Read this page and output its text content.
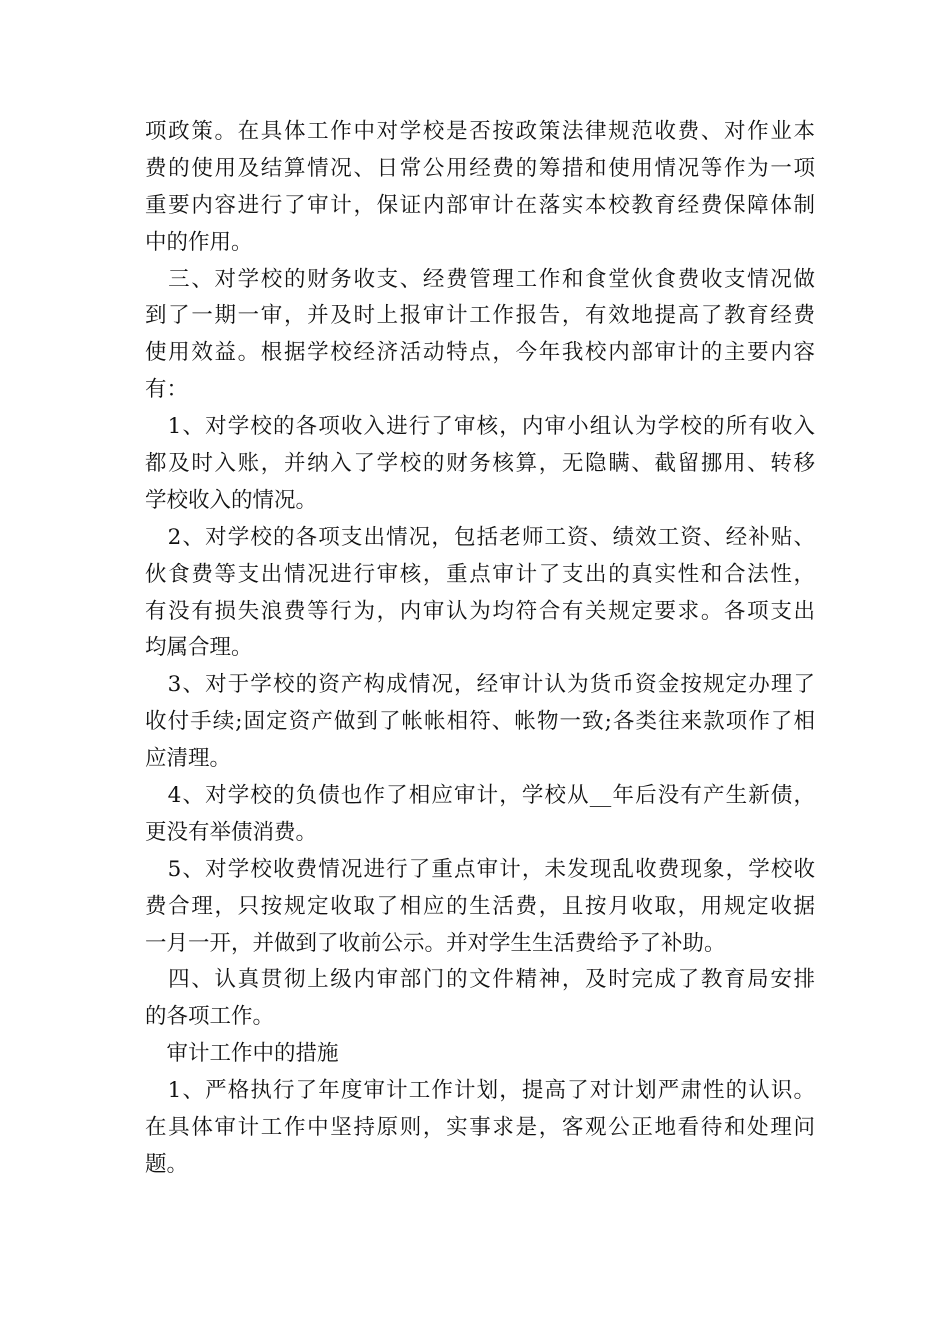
项政策。在具体工作中对学校是否按政策法律规范收费、对作业本
费的使用及结算情况、日常公用经费的筹措和使用情况等作为一项
重要内容进行了审计，保证内部审计在落实本校教育经费保障体制
中的作用。
　三、对学校的财务收支、经费管理工作和食堂伙食费收支情况做
到了一期一审，并及时上报审计工作报告，有效地提高了教育经费
使用效益。根据学校经济活动特点，今年我校内部审计的主要内容
有：
　1、对学校的各项收入进行了审核，内审小组认为学校的所有收入
都及时入账，并纳入了学校的财务核算，无隐瞒、截留挪用、转移
学校收入的情况。
　2、对学校的各项支出情况，包括老师工资、绩效工资、经补贴、
伙食费等支出情况进行审核，重点审计了支出的真实性和合法性，
有没有损失浪费等行为，内审认为均符合有关规定要求。各项支出
均属合理。
　3、对于学校的资产构成情况，经审计认为货币资金按规定办理了
收付手续;固定资产做到了帐帐相符、帐物一致;各类往来款项作了相
应清理。
　4、对学校的负债也作了相应审计，学校从__年后没有产生新债，
更没有举债消费。
　5、对学校收费情况进行了重点审计，未发现乱收费现象，学校收
费合理，只按规定收取了相应的生活费，且按月收取，用规定收据
一月一开，并做到了收前公示。并对学生生活费给予了补助。
　四、认真贯彻上级内审部门的文件精神，及时完成了教育局安排
的各项工作。
　审计工作中的措施
　1、严格执行了年度审计工作计划，提高了对计划严肃性的认识。
在具体审计工作中坚持原则，实事求是，客观公正地看待和处理问
题。
